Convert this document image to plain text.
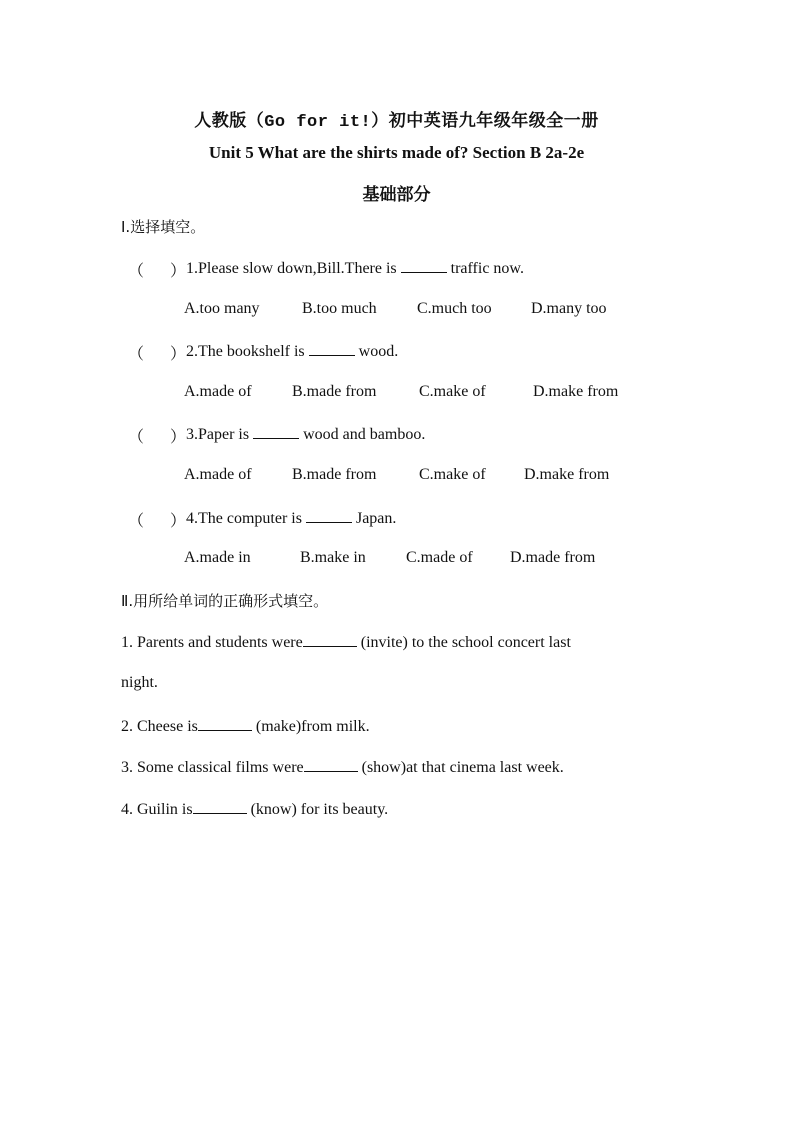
人教版（Go for it!）初中英语九年级年级全一册
Unit 5 What are the shirts made of? Section B 2a-2e
基础部分
Ⅰ.选择填空。
（ ） 1.Please slow down,Bill.There is	traffic now.
A.too many	B.too much	C.much too D.many too
（ ） 2.The bookshelf is	wood.
A.made of	B.made from	C.make of	D.make from
（ ） 3.Paper is	wood and bamboo.
A.made of	B.made from	C.make of D.make from
（ ） 4.The computer is	Japan.
A.made in	B.make in	C.made of D.made from
Ⅱ.用所给单词的正确形式填空。
1. Parents and students were	(invite) to the school concert last
night.
2. Cheese is	(make)from milk.
3. Some classical films were	(show)at that cinema last week.
4. Guilin is	(know) for its beauty.
